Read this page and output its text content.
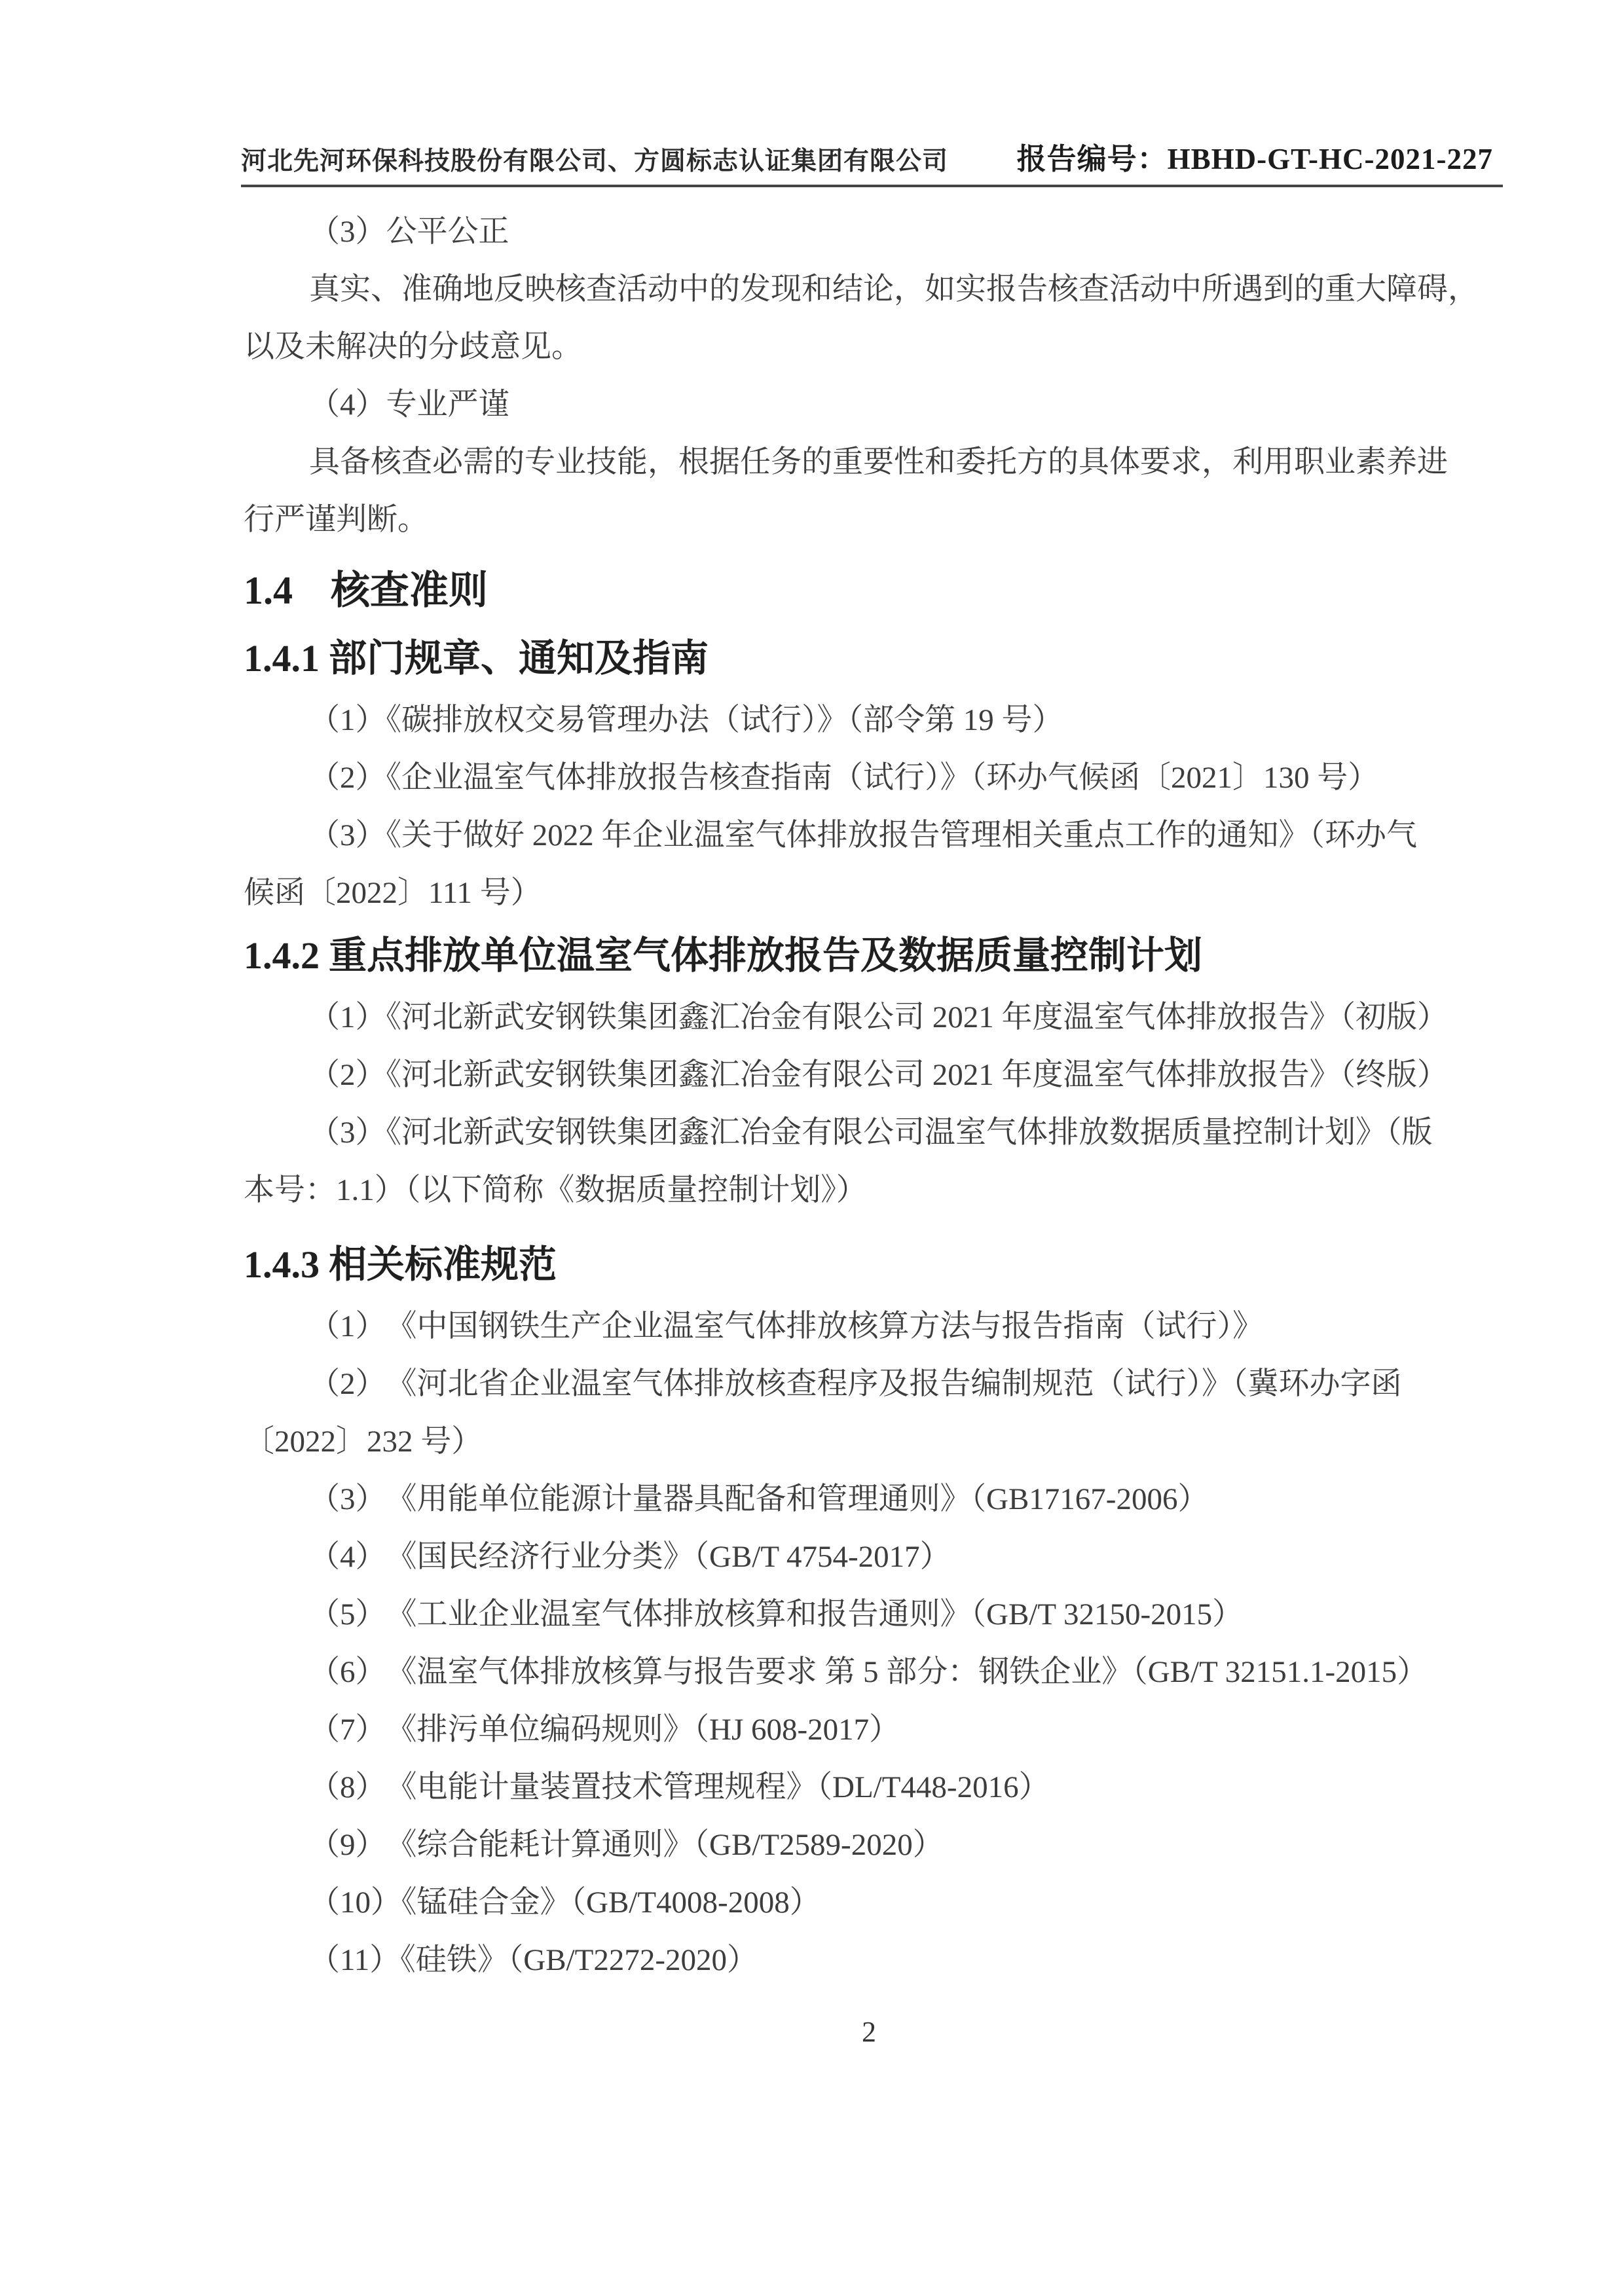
河北先河环保科技股份有限公司、方圆标志认证集团有限公司 报告编号：HBHD-GT-HC-2021-227
（3）公平公正
真实、准确地反映核查活动中的发现和结论，如实报告核查活动中所遇到的重大障碍，
以及未解决的分歧意见。
（4）专业严谨
具备核查必需的专业技能，根据任务的重要性和委托方的具体要求，利用职业素养进
行严谨判断。
1.4 核查准则
1.4.1 部门规章、通知及指南
（1）《碳排放权交易管理办法（试行）》（部令第 19 号）
（2）《企业温室气体排放报告核查指南（试行）》（环办气候函〔2021〕130 号）
（3）《关于做好 2022 年企业温室气体排放报告管理相关重点工作的通知》（环办气
候函〔2022〕111 号）
1.4.2 重点排放单位温室气体排放报告及数据质量控制计划
（1）《河北新武安钢铁集团鑫汇冶金有限公司 2021 年度温室气体排放报告》（初版）
（2）《河北新武安钢铁集团鑫汇冶金有限公司 2021 年度温室气体排放报告》（终版）
（3）《河北新武安钢铁集团鑫汇冶金有限公司温室气体排放数据质量控制计划》（版
本号：1.1）（以下简称《数据质量控制计划》）
1.4.3 相关标准规范
（1）　《中国钢铁生产企业温室气体排放核算方法与报告指南（试行）》
（2）　《河北省企业温室气体排放核查程序及报告编制规范（试行）》（冀环办字函
〔2022〕232 号）
（3）　《用能单位能源计量器具配备和管理通则》（GB17167-2006）
（4）　《国民经济行业分类》（GB/T 4754-2017）
（5）　《工业企业温室气体排放核算和报告通则》（GB/T 32150-2015）
（6）　《温室气体排放核算与报告要求 第 5 部分：钢铁企业》（GB/T 32151.1-2015）
（7）　《排污单位编码规则》（HJ 608-2017）
（8）　《电能计量装置技术管理规程》（DL/T448-2016）
（9）　《综合能耗计算通则》（GB/T2589-2020）
（10）《锰硅合金》（GB/T4008-2008）
（11）《硅铁》（GB/T2272-2020）
2
